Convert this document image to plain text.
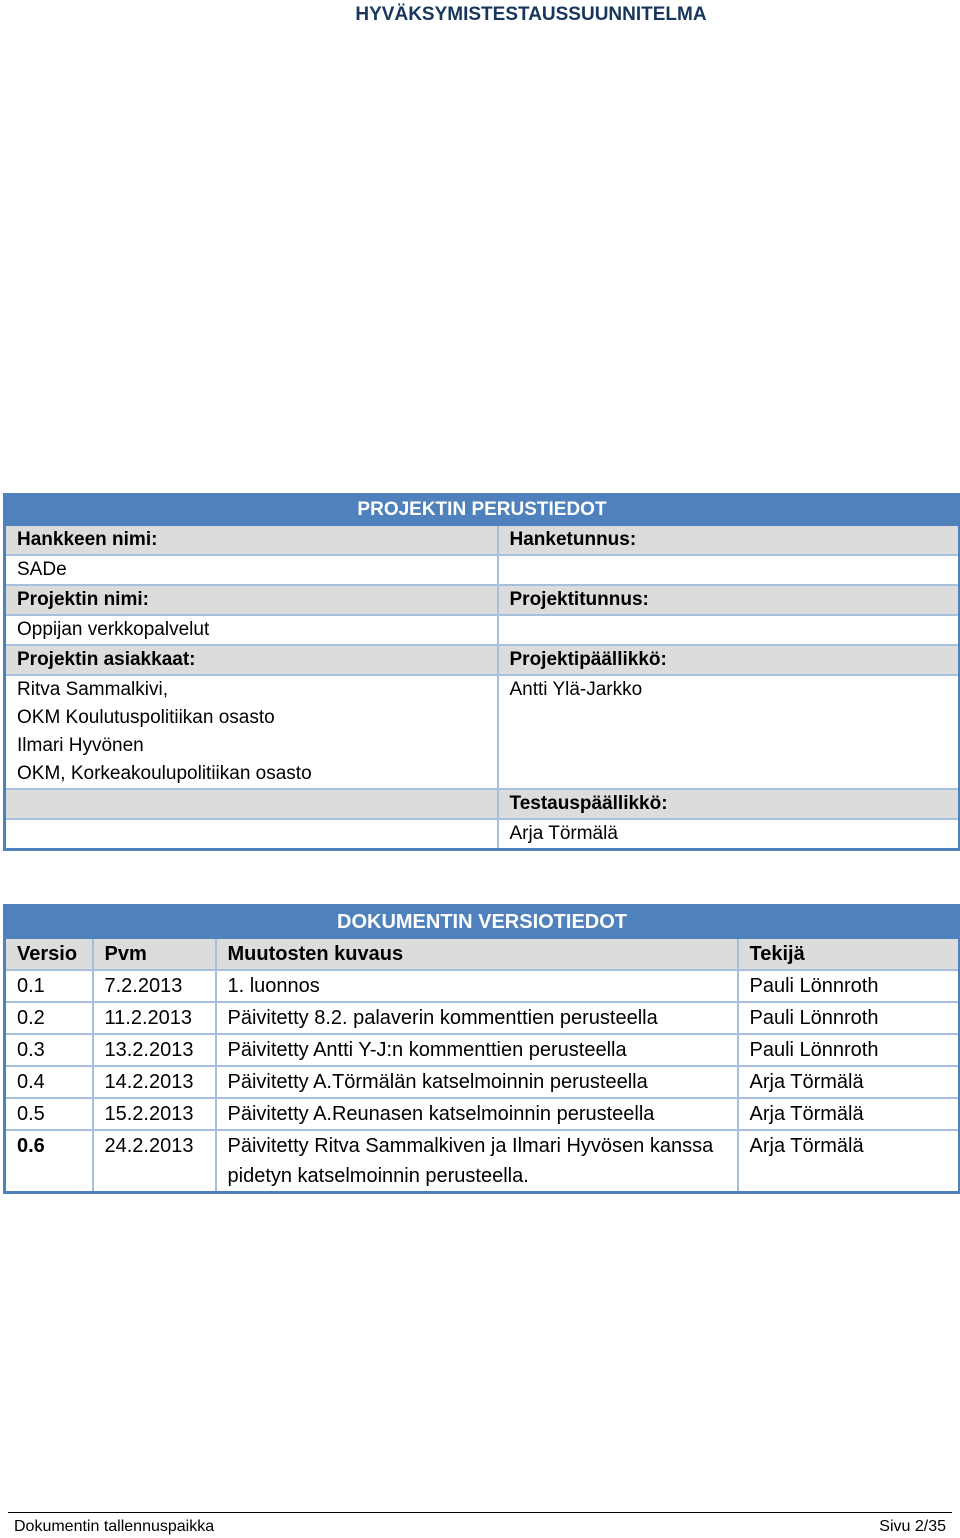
HYVÄKSYMISTESTAUSSUUNNITELMA
PROJEKTIN PERUSTIEDOT	
Hankkeen nimi:	Hanketunnus:
SADe	
Projektin nimi:	Projektitunnus:
Oppijan verkkopalvelut	
Projektin asiakkaat:	Projektipäällikkö:

Ritva Sammalkivi,
OKM Koulutuspolitiikan osasto
Ilmari Hyvönen
OKM, Korkeakoulupolitiikan osasto	Antti Ylä-Jarkko
	Testauspäällikkö:
	Arja Törmälä
DOKUMENTIN VERSIOTIEDOT			
Versio	Pvm	Muutosten kuvaus	Tekijä
0.1	7.2.2013	1. luonnos	Pauli Lönnroth
0.2	11.2.2013	Päivitetty 8.2. palaverin kommenttien perusteella	Pauli Lönnroth
0.3	13.2.2013	Päivitetty Antti Y-J:n kommenttien perusteella	Pauli Lönnroth
0.4	14.2.2013	Päivitetty A.Törmälän katselmoinnin perusteella	Arja Törmälä
0.5	15.2.2013	Päivitetty A.Reunasen katselmoinnin perusteella	Arja Törmälä
0.6	24.2.2013	Päivitetty Ritva Sammalkiven ja Ilmari Hyvösen kanssa pidetyn katselmoinnin perusteella.	Arja Törmälä
Dokumentin tallennuspaikka	Sivu 2/35
